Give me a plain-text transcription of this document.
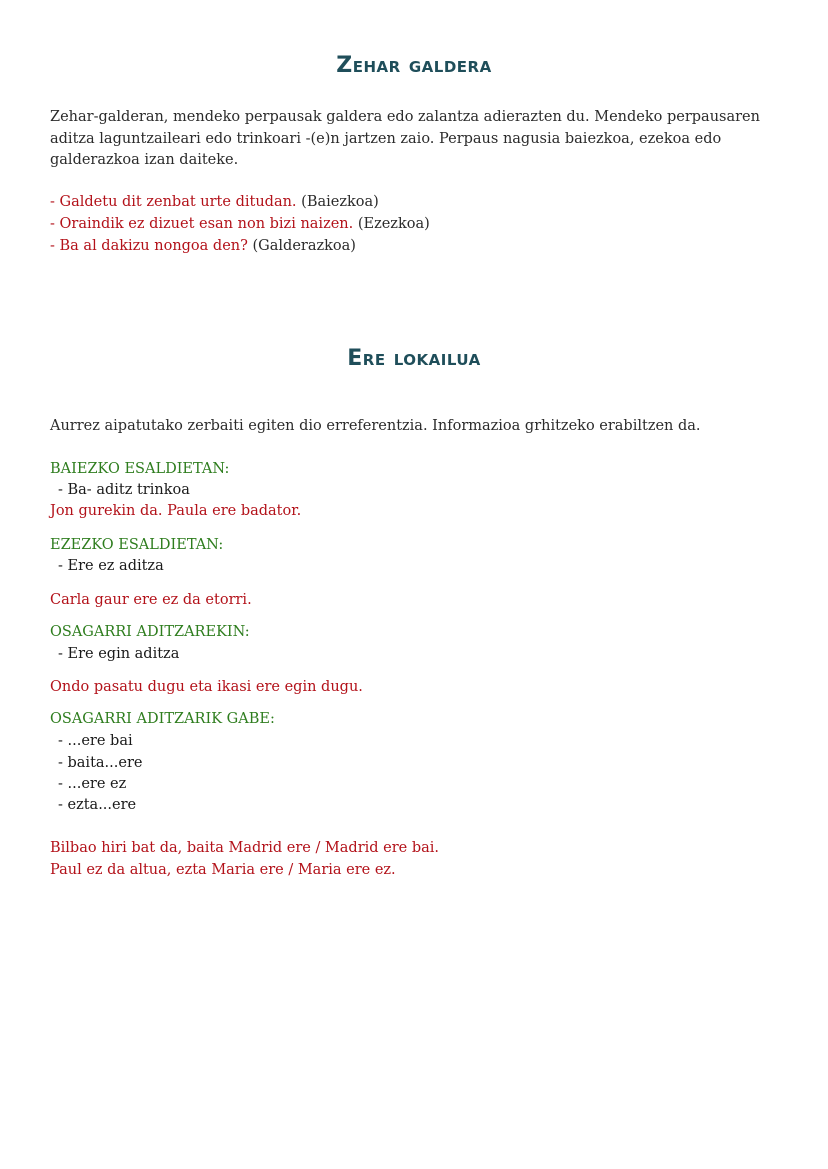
Zehar galdera

Zehar-galderan, mendeko perpausak galdera edo zalantza adierazten du. Mendeko perpausaren aditza laguntzaileari edo trinkoari -(e)n jartzen zaio. Perpaus nagusia baiezkoa, ezekoa edo galderazkoa izan daiteke.

- Galdetu dit zenbat urte ditudan. (Baiezkoa)

- Oraindik ez dizuet esan non bizi naizen. (Ezezkoa)

- Ba al dakizu nongoa den? (Galderazkoa)

Ere lokailua

Aurrez aipatutako zerbaiti egiten dio erreferentzia. Informazioa grhitzeko erabiltzen da.

BAIEZKO ESALDIETAN:

- Ba- aditz trinkoa

Jon gurekin da. Paula ere badator.

EZEZKO ESALDIETAN:

- Ere ez aditza

Carla gaur ere ez da etorri.

OSAGARRI ADITZAREKIN:

- Ere egin aditza

Ondo pasatu dugu eta ikasi ere egin dugu.

OSAGARRI ADITZARIK GABE:

- ...ere bai

- baita...ere

- ...ere ez

- ezta...ere

Bilbao hiri bat da, baita Madrid ere / Madrid ere bai.

Paul ez da altua, ezta Maria ere / Maria ere ez.
